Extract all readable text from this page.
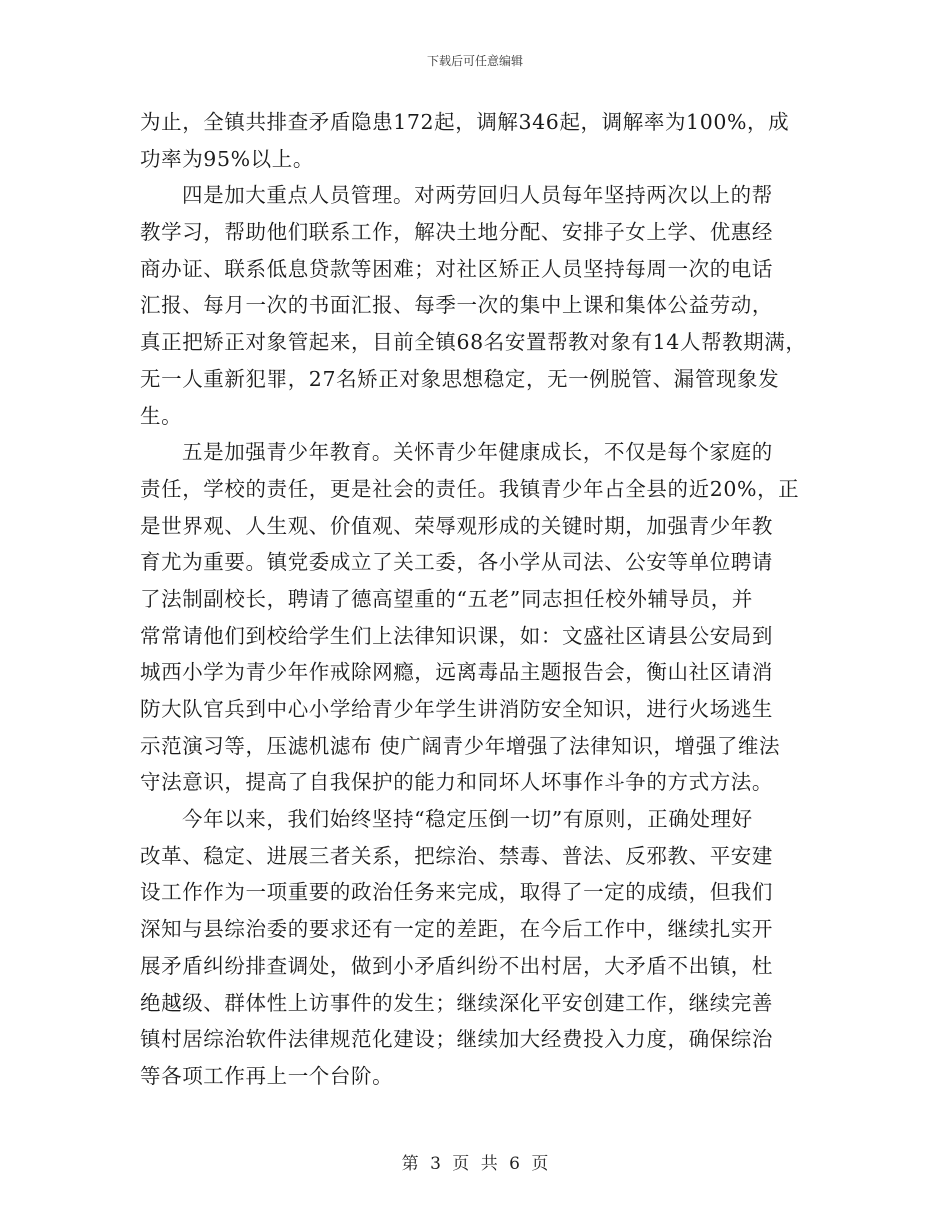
下载后可任意编辑
为止，全镇共排查矛盾隐患172起，调解346起，调解率为100%，成
功率为95%以上。
四是加大重点人员管理。对两劳回归人员每年坚持两次以上的帮
教学习，帮助他们联系工作，解决土地分配、安排子女上学、优惠经
商办证、联系低息贷款等困难；对社区矫正人员坚持每周一次的电话
汇报、每月一次的书面汇报、每季一次的集中上课和集体公益劳动，
真正把矫正对象管起来，目前全镇68名安置帮教对象有14人帮教期满，
无一人重新犯罪，27名矫正对象思想稳定，无一例脱管、漏管现象发
生。
五是加强青少年教育。关怀青少年健康成长，不仅是每个家庭的
责任，学校的责任，更是社会的责任。我镇青少年占全县的近20%，正
是世界观、人生观、价值观、荣辱观形成的关键时期，加强青少年教
育尤为重要。镇党委成立了关工委，各小学从司法、公安等单位聘请
了法制副校长，聘请了德高望重的“五老”同志担任校外辅导员，并
常常请他们到校给学生们上法律知识课，如：文盛社区请县公安局到
城西小学为青少年作戒除网瘾，远离毒品主题报告会，衡山社区请消
防大队官兵到中心小学给青少年学生讲消防安全知识，进行火场逃生
示范演习等，压滤机滤布 使广阔青少年增强了法律知识，增强了维法
守法意识，提高了自我保护的能力和同坏人坏事作斗争的方式方法。
今年以来，我们始终坚持“稳定压倒一切”有原则，正确处理好
改革、稳定、进展三者关系，把综治、禁毒、普法、反邪教、平安建
设工作作为一项重要的政治任务来完成，取得了一定的成绩，但我们
深知与县综治委的要求还有一定的差距，在今后工作中，继续扎实开
展矛盾纠纷排查调处，做到小矛盾纠纷不出村居，大矛盾不出镇，杜
绝越级、群体性上访事件的发生；继续深化平安创建工作，继续完善
镇村居综治软件法律规范化建设；继续加大经费投入力度，确保综治
等各项工作再上一个台阶。
第 3 页 共 6 页
